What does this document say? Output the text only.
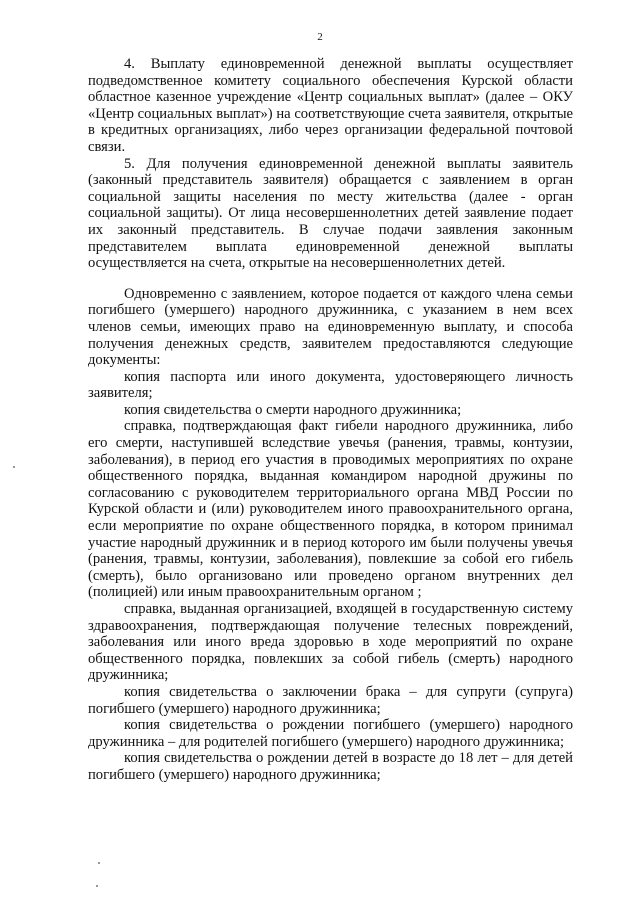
2

4. Выплату единовременной денежной выплаты осуществляет подведомственное комитету социального обеспечения Курской области областное казенное учреждение «Центр социальных выплат» (далее – ОКУ «Центр социальных выплат») на соответствующие счета заявителя, открытые в кредитных организациях, либо через организации федеральной почтовой связи.

5. Для получения единовременной денежной выплаты заявитель (законный представитель заявителя) обращается с заявлением в орган социальной защиты населения по месту жительства (далее - орган социальной защиты). От лица несовершеннолетних детей заявление подает их законный представитель. В случае подачи заявления законным представителем выплата единовременной денежной выплаты осуществляется на счета, открытые на несовершеннолетних детей.

Одновременно с заявлением, которое подается от каждого члена семьи погибшего (умершего) народного дружинника, с указанием в нем всех членов семьи, имеющих право на единовременную выплату, и способа получения денежных средств, заявителем предоставляются следующие документы:

копия паспорта или иного документа, удостоверяющего личность заявителя;

копия свидетельства о смерти народного дружинника;

справка, подтверждающая факт гибели народного дружинника, либо его смерти, наступившей вследствие увечья (ранения, травмы, контузии, заболевания), в период его участия в проводимых мероприятиях по охране общественного порядка, выданная командиром народной дружины по согласованию с руководителем территориального органа МВД России по Курской области и (или) руководителем иного правоохранительного органа, если мероприятие по охране общественного порядка, в котором принимал участие народный дружинник и в период которого им были получены увечья (ранения, травмы, контузии, заболевания), повлекшие за собой его гибель (смерть), было организовано или проведено органом внутренних дел (полицией) или иным правоохранительным органом ;

справка, выданная организацией, входящей в государственную систему здравоохранения, подтверждающая получение телесных повреждений, заболевания или иного вреда здоровью в ходе мероприятий по охране общественного порядка, повлекших за собой гибель (смерть) народного дружинника;

копия свидетельства о заключении брака – для супруги (супруга) погибшего (умершего) народного дружинника;

копия свидетельства о рождении погибшего (умершего) народного дружинника – для родителей погибшего (умершего) народного дружинника;

копия свидетельства о рождении детей в возрасте до 18 лет – для детей погибшего (умершего) народного дружинника;
